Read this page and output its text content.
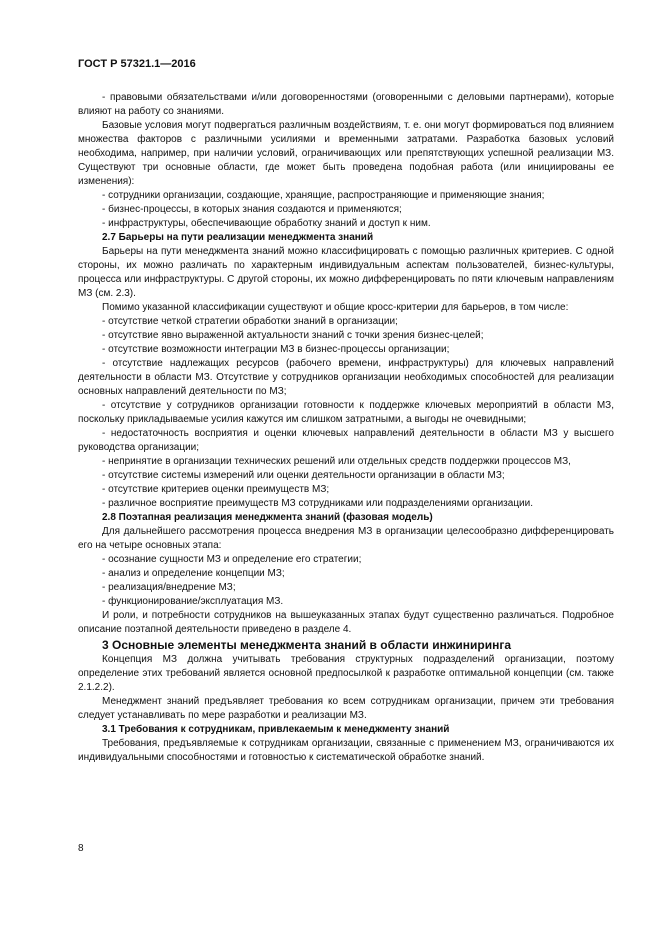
ГОСТ Р 57321.1—2016

- правовыми обязательствами и/или договоренностями (оговоренными с деловыми партнерами), которые влияют на работу со знаниями.

Базовые условия могут подвергаться различным воздействиям, т. е. они могут формироваться под влиянием множества факторов с различными усилиями и временными затратами. Разработка базовых условий необходима, например, при наличии условий, ограничивающих или препятствующих успешной реализации МЗ. Существуют три основные области, где может быть проведена подобная работа (или инициированы ее изменения):

- сотрудники организации, создающие, хранящие, распространяющие и применяющие знания;

- бизнес-процессы, в которых знания создаются и применяются;

- инфраструктуры, обеспечивающие обработку знаний и доступ к ним.

2.7 Барьеры на пути реализации менеджмента знаний

Барьеры на пути менеджмента знаний можно классифицировать с помощью различных критериев. С одной стороны, их можно различать по характерным индивидуальным аспектам пользователей, бизнес-культуры, процесса или инфраструктуры. С другой стороны, их можно дифференцировать по пяти ключевым направлениям МЗ (см. 2.3).

Помимо указанной классификации существуют и общие кросс-критерии для барьеров, в том числе:

- отсутствие четкой стратегии обработки знаний в организации;

- отсутствие явно выраженной актуальности знаний с точки зрения бизнес-целей;

- отсутствие возможности интеграции МЗ в бизнес-процессы организации;

- отсутствие надлежащих ресурсов (рабочего времени, инфраструктуры) для ключевых направлений деятельности в области МЗ. Отсутствие у сотрудников организации необходимых способностей для реализации основных направлений деятельности по МЗ;

- отсутствие у сотрудников организации готовности к поддержке ключевых мероприятий в области МЗ, поскольку прикладываемые усилия кажутся им слишком затратными, а выгоды не очевидными;

- недостаточность восприятия и оценки ключевых направлений деятельности в области МЗ у высшего руководства организации;

- непринятие в организации технических решений или отдельных средств поддержки процессов МЗ,

- отсутствие системы измерений или оценки деятельности организации в области МЗ;

- отсутствие критериев оценки преимуществ МЗ;

- различное восприятие преимуществ МЗ сотрудниками или подразделениями организации.

2.8 Поэтапная реализация менеджмента знаний (фазовая модель)

Для дальнейшего рассмотрения процесса внедрения МЗ в организации целесообразно дифференцировать его на четыре основных этапа:

- осознание сущности МЗ и определение его стратегии;

- анализ и определение концепции МЗ;

- реализация/внедрение МЗ;

- функционирование/эксплуатация МЗ.

И роли, и потребности сотрудников на вышеуказанных этапах будут существенно различаться. Подробное описание поэтапной деятельности приведено в разделе 4.

3 Основные элементы менеджмента знаний в области инжиниринга

Концепция МЗ должна учитывать требования структурных подразделений организации, поэтому определение этих требований является основной предпосылкой к разработке оптимальной концепции (см. также 2.1.2.2).

Менеджмент знаний предъявляет требования ко всем сотрудникам организации, причем эти требования следует устанавливать по мере разработки и реализации МЗ.

3.1 Требования к сотрудникам, привлекаемым к менеджменту знаний

Требования, предъявляемые к сотрудникам организации, связанные с применением МЗ, ограничиваются их индивидуальными способностями и готовностью к систематической обработке знаний.

8
